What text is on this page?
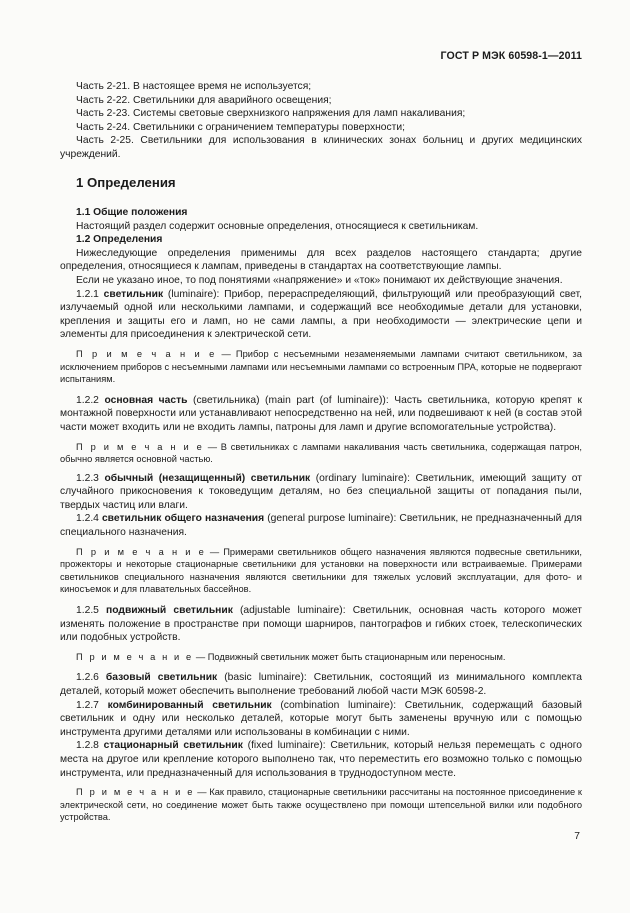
ГОСТ Р МЭК 60598-1—2011

Часть 2-21. В настоящее время не используется;

Часть 2-22. Светильники для аварийного освещения;

Часть 2-23. Системы световые сверхнизкого напряжения для ламп накаливания;

Часть 2-24. Светильники с ограничением температуры поверхности;

Часть 2-25. Светильники для использования в клинических зонах больниц и других медицинских учреждений.

1 Определения

1.1 Общие положения

Настоящий раздел содержит основные определения, относящиеся к светильникам.

1.2 Определения

Нижеследующие определения применимы для всех разделов настоящего стандарта; другие определения, относящиеся к лампам, приведены в стандартах на соответствующие лампы.

Если не указано иное, то под понятиями «напряжение» и «ток» понимают их действующие значения.

1.2.1 светильник (luminaire): Прибор, перераспределяющий, фильтрующий или преобразующий свет, излучаемый одной или несколькими лампами, и содержащий все необходимые детали для установки, крепления и защиты его и ламп, но не сами лампы, а при необходимости — электрические цепи и элементы для присоединения к электрической сети.

П р и м е ч а н и е — Прибор с несъемными незаменяемыми лампами считают светильником, за исключением приборов с несъемными лампами или несъемными лампами со встроенным ПРА, которые не подвергают испытаниям.

1.2.2 основная часть (светильника) (main part (of luminaire)): Часть светильника, которую крепят к монтажной поверхности или устанавливают непосредственно на ней, или подвешивают к ней (в состав этой части может входить или не входить лампы, патроны для ламп и другие вспомогательные устройства).

П р и м е ч а н и е — В светильниках с лампами накаливания часть светильника, содержащая патрон, обычно является основной частью.

1.2.3 обычный (незащищенный) светильник (ordinary luminaire): Светильник, имеющий защиту от случайного прикосновения к токоведущим деталям, но без специальной защиты от попадания пыли, твердых частиц или влаги.

1.2.4 светильник общего назначения (general purpose luminaire): Светильник, не предназначенный для специального назначения.

П р и м е ч а н и е — Примерами светильников общего назначения являются подвесные светильники, прожекторы и некоторые стационарные светильники для установки на поверхности или встраиваемые. Примерами светильников специального назначения являются светильники для тяжелых условий эксплуатации, для фото- и киносъемок и для плавательных бассейнов.

1.2.5 подвижный светильник (adjustable luminaire): Светильник, основная часть которого может изменять положение в пространстве при помощи шарниров, пантографов и гибких стоек, телескопических или подобных устройств.

П р и м е ч а н и е — Подвижный светильник может быть стационарным или переносным.

1.2.6 базовый светильник (basic luminaire): Светильник, состоящий из минимального комплекта деталей, который может обеспечить выполнение требований любой части МЭК 60598-2.

1.2.7 комбинированный светильник (combination luminaire): Светильник, содержащий базовый светильник и одну или несколько деталей, которые могут быть заменены вручную или с помощью инструмента другими деталями или использованы в комбинации с ними.

1.2.8 стационарный светильник (fixed luminaire): Светильник, который нельзя перемещать с одного места на другое или крепление которого выполнено так, что переместить его возможно только с помощью инструмента, или предназначенный для использования в труднодоступном месте.

П р и м е ч а н и е — Как правило, стационарные светильники рассчитаны на постоянное присоединение к электрической сети, но соединение может быть также осуществлено при помощи штепсельной вилки или подобного устройства.

7
